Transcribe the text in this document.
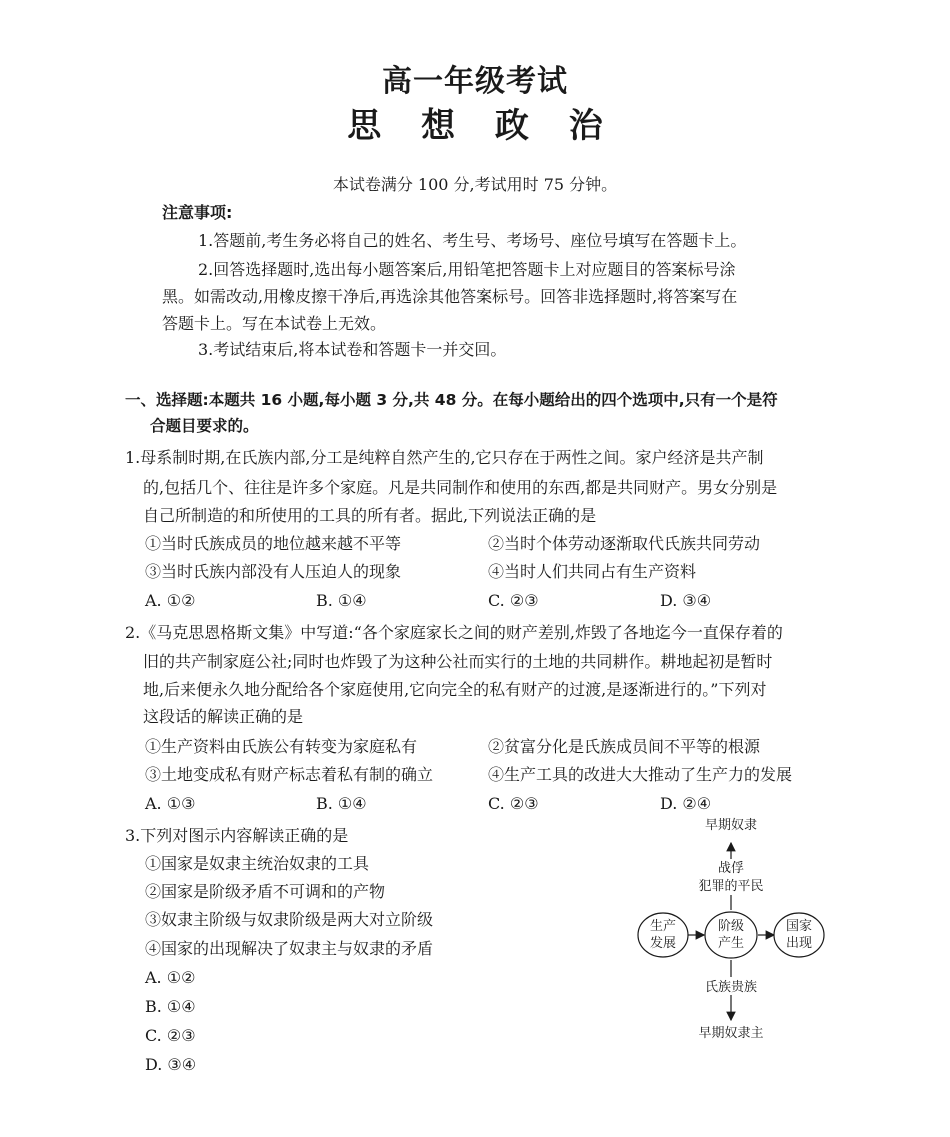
高一年级考试
思 想 政 治
本试卷满分 100 分,考试用时 75 分钟。
注意事项:
1.答题前,考生务必将自己的姓名、考生号、考场号、座位号填写在答题卡上。
2.回答选择题时,选出每小题答案后,用铅笔把答题卡上对应题目的答案标号涂
黑。如需改动,用橡皮擦干净后,再选涂其他答案标号。回答非选择题时,将答案写在
答题卡上。写在本试卷上无效。
3.考试结束后,将本试卷和答题卡一并交回。
一、选择题:本题共 16 小题,每小题 3 分,共 48 分。在每小题给出的四个选项中,只有一个是符
合题目要求的。
1.母系制时期,在氏族内部,分工是纯粹自然产生的,它只存在于两性之间。家户经济是共产制
的,包括几个、往往是许多个家庭。凡是共同制作和使用的东西,都是共同财产。男女分别是
自己所制造的和所使用的工具的所有者。据此,下列说法正确的是
①当时氏族成员的地位越来越不平等	②当时个体劳动逐渐取代氏族共同劳动
③当时氏族内部没有人压迫人的现象	④当时人们共同占有生产资料
A. ①②	B. ①④	C. ②③	D. ③④
2.《马克思恩格斯文集》中写道:“各个家庭家长之间的财产差别,炸毁了各地迄今一直保存着的
旧的共产制家庭公社;同时也炸毁了为这种公社而实行的土地的共同耕作。耕地起初是暂时
地,后来便永久地分配给各个家庭使用,它向完全的私有财产的过渡,是逐渐进行的。”下列对
这段话的解读正确的是
①生产资料由氏族公有转变为家庭私有	②贫富分化是氏族成员间不平等的根源
③土地变成私有财产标志着私有制的确立	④生产工具的改进大大推动了生产力的发展
A. ①③	B. ①④	C. ②③	D. ②④
3.下列对图示内容解读正确的是
①国家是奴隶主统治奴隶的工具
②国家是阶级矛盾不可调和的产物
③奴隶主阶级与奴隶阶级是两大对立阶级
④国家的出现解决了奴隶主与奴隶的矛盾
A. ①②
B. ①④
C. ②③
D. ③④
早期奴隶
战俘
犯罪的平民
生产
发展
阶级
产生
国家
出现
氏族贵族
早期奴隶主
